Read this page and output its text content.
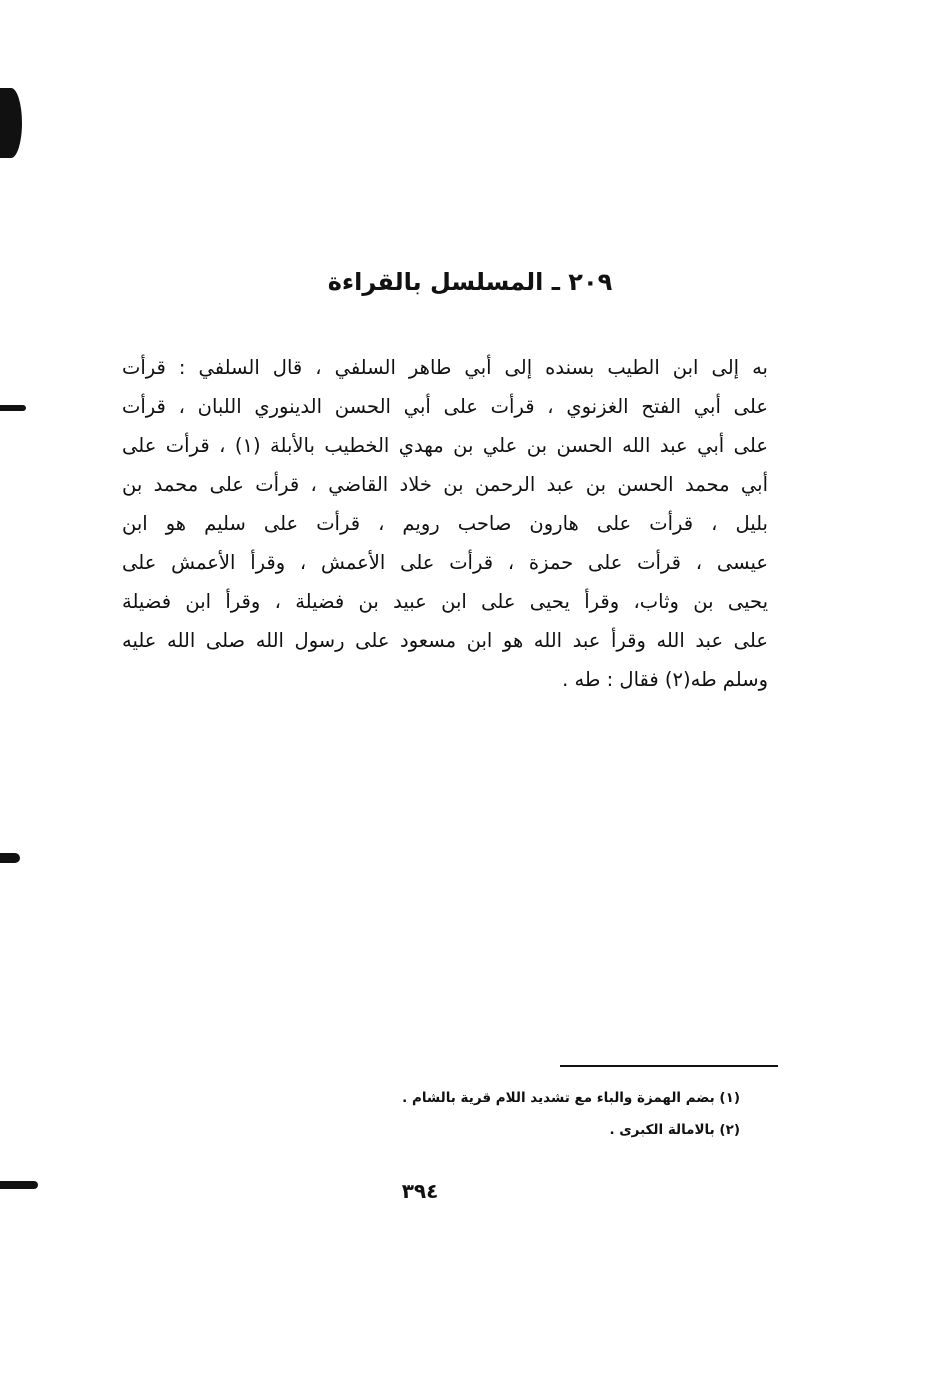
٢٠٩ ـ المسلسل بالقراءة
به إلى ابن الطيب بسنده إلى أبي طاهر السلفي ، قال السلفي : قرأت
على أبي الفتح الغزنوي ، قرأت على أبي الحسن الدينوري اللبان ، قرأت
على أبي عبد الله الحسن بن علي بن مهدي الخطيب بالأبلة (١) ، قرأت على
أبي محمد الحسن بن عبد الرحمن بن خلاد القاضي ، قرأت على محمد بن
بليل ، قرأت على هارون صاحب رويم ، قرأت على سليم هو ابن
عيسى ، قرأت على حمزة ، قرأت على الأعمش ، وقرأ الأعمش على
يحيى بن وثاب، وقرأ يحيى على ابن عبيد بن فضيلة ، وقرأ ابن فضيلة
على عبد الله وقرأ عبد الله هو ابن مسعود على رسول الله صلى الله عليه
وسلم طه(٢) فقال : طه .
(١) بضم الهمزة والباء مع تشديد اللام قرية بالشام .
(٢) بالامالة الكبرى .
٣٩٤
